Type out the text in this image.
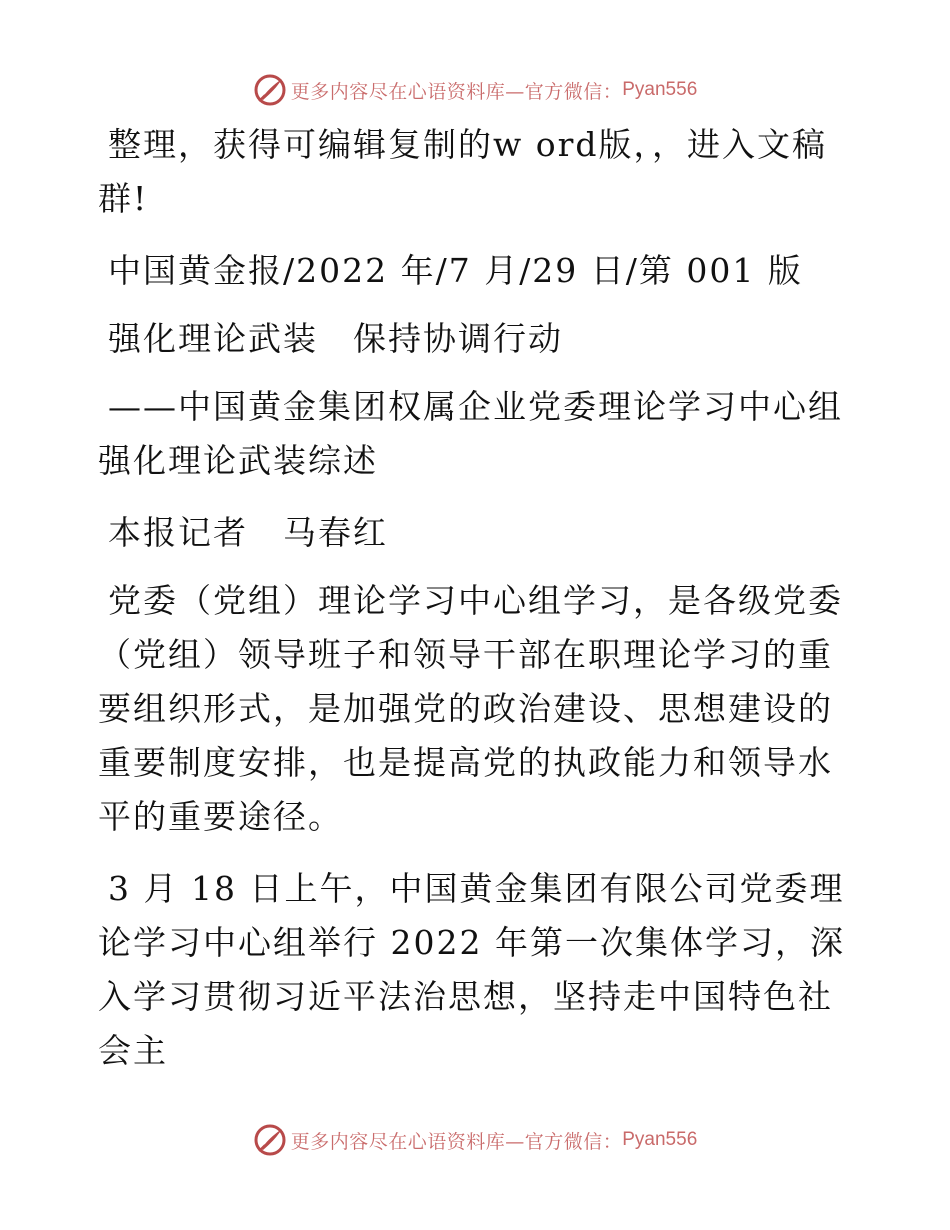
更多内容尽在心语资料库—官方微信： Pyan556

整理，获得可编辑复制的w ord版，，进入文稿群!

中国黄金报/2022 年/7 月/29 日/第 001 版

强化理论武装　保持协调行动

——中国黄金集团权属企业党委理论学习中心组强化理论武装综述

本报记者　马春红

党委（党组）理论学习中心组学习，是各级党委（党组）领导班子和领导干部在职理论学习的重要组织形式，是加强党的政治建设、思想建设的重要制度安排，也是提高党的执政能力和领导水平的重要途径。

3 月 18 日上午，中国黄金集团有限公司党委理论学习中心组举行 2022 年第一次集体学习，深入学习贯彻习近平法治思想，坚持走中国特色社会主

更多内容尽在心语资料库—官方微信： Pyan556
